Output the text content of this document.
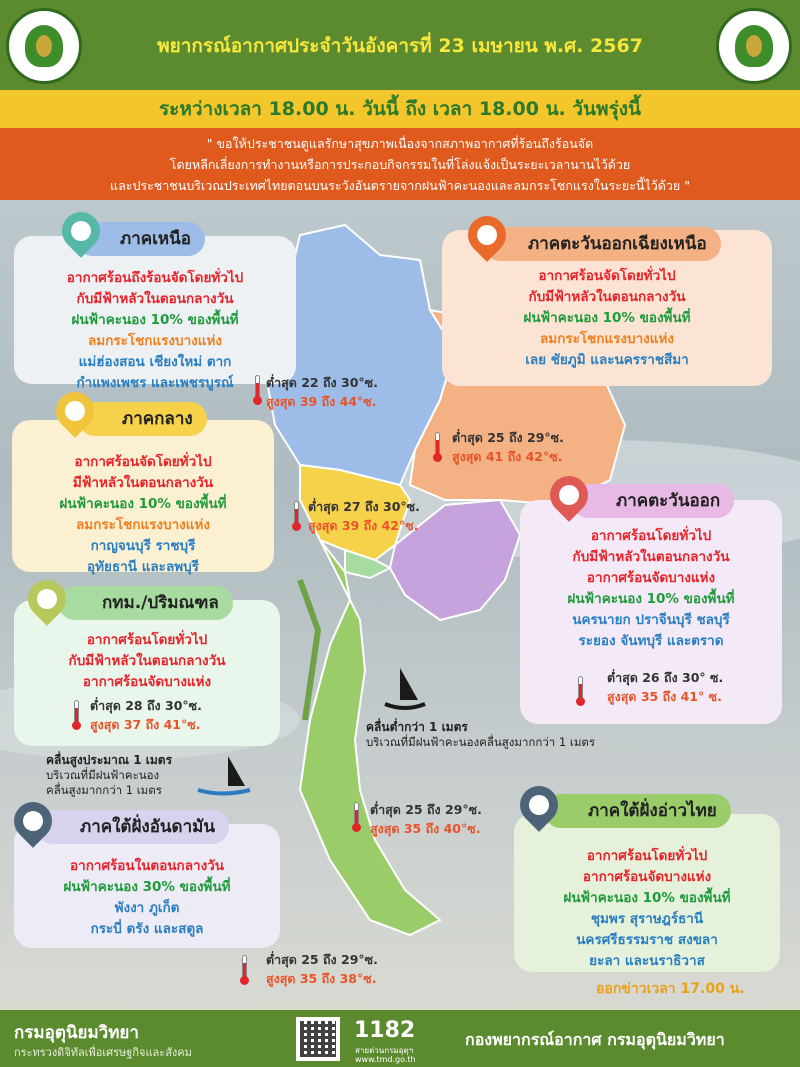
พยากรณ์อากาศประจำวันอังคารที่ 23 เมษายน พ.ศ. 2567
ระหว่างเวลา 18.00 น. วันนี้ ถึง เวลา 18.00 น. วันพรุ่งนี้
" ขอให้ประชาชนดูแลรักษาสุขภาพเนื่องจากสภาพอากาศที่ร้อนถึงร้อนจัด
โดยหลีกเลี่ยงการทำงานหรือการประกอบกิจกรรมในที่โล่งแจ้งเป็นระยะเวลานานไว้ด้วย
และประชาชนบริเวณประเทศไทยตอนบนระวังอันตรายจากฝนฟ้าคะนองและลมกระโชกแรงในระยะนี้ไว้ด้วย "
อากาศร้อนถึงร้อนจัดโดยทั่วไป
กับมีฟ้าหลัวในตอนกลางวัน
ฝนฟ้าคะนอง 10% ของพื้นที่
ลมกระโชกแรงบางแห่ง
แม่ฮ่องสอน เชียงใหม่ ตาก
กำแพงเพชร และเพชรบูรณ์
ภาคเหนือ
ต่ำสุด 22 ถึง 30°ซ.
สูงสุด 39 ถึง 44°ซ.
อากาศร้อนจัดโดยทั่วไป
กับมีฟ้าหลัวในตอนกลางวัน
ฝนฟ้าคะนอง 10% ของพื้นที่
ลมกระโชกแรงบางแห่ง
เลย ชัยภูมิ และนครราชสีมา
ภาคตะวันออกเฉียงเหนือ
ต่ำสุด 25 ถึง 29°ซ.
สูงสุด 41 ถึง 42°ซ.
อากาศร้อนจัดโดยทั่วไป
มีฟ้าหลัวในตอนกลางวัน
ฝนฟ้าคะนอง 10% ของพื้นที่
ลมกระโชกแรงบางแห่ง
กาญจนบุรี ราชบุรี
อุทัยธานี และลพบุรี
ภาคกลาง
ต่ำสุด 27 ถึง 30°ซ.
สูงสุด 39 ถึง 42°ซ.
อากาศร้อนโดยทั่วไป
กับมีฟ้าหลัวในตอนกลางวัน
อากาศร้อนจัดบางแห่ง
ฝนฟ้าคะนอง 10% ของพื้นที่
นครนายก ปราจีนบุรี ชลบุรี
ระยอง จันทบุรี และตราด
ภาคตะวันออก
ต่ำสุด 26 ถึง 30° ซ.
สูงสุด 35 ถึง 41° ซ.
อากาศร้อนโดยทั่วไป
กับมีฟ้าหลัวในตอนกลางวัน
อากาศร้อนจัดบางแห่ง
กทม./ปริมณฑล
ต่ำสุด 28 ถึง 30°ซ.
สูงสุด 37 ถึง 41°ซ.	คลื่นต่ำกว่า 1 เมตร
บริเวณที่มีฝนฟ้าคะนองคลื่นสูงมากกว่า 1 เมตร
คลื่นสูงประมาณ 1 เมตร
บริเวณที่มีฝนฟ้าคะนอง
คลื่นสูงมากกว่า 1 เมตร
อากาศร้อนในตอนกลางวัน
ฝนฟ้าคะนอง 30% ของพื้นที่
พังงา ภูเก็ต
กระบี่ ตรัง และสตูล
ภาคใต้ฝั่งอันดามัน
ต่ำสุด 25 ถึง 29°ซ.
สูงสุด 35 ถึง 38°ซ.
อากาศร้อนโดยทั่วไป
อากาศร้อนจัดบางแห่ง
ฝนฟ้าคะนอง 10% ของพื้นที่
ชุมพร สุราษฎร์ธานี
นครศรีธรรมราช สงขลา
ยะลา และนราธิวาส
ภาคใต้ฝั่งอ่าวไทย
ต่ำสุด 25 ถึง 29°ซ.
สูงสุด 35 ถึง 40°ซ.
ออกข่าวเวลา 17.00 น.
กรมอุตุนิยมวิทยา
กระทรวงดิจิทัลเพื่อเศรษฐกิจและสังคม
1182
สายด่วนกรมอุตุฯ
www.tmd.go.th
กองพยากรณ์อากาศ กรมอุตุนิยมวิทยา
